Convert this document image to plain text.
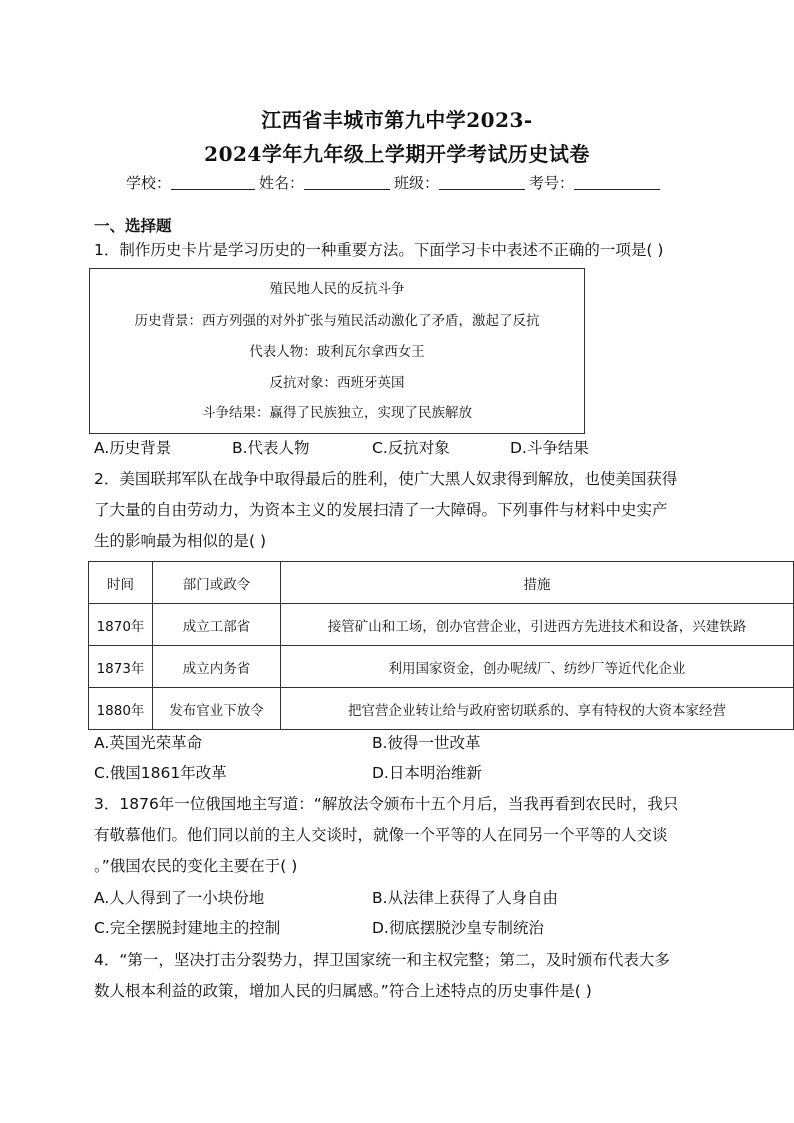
江西省丰城市第九中学2023-
2024学年九年级上学期开学考试历史试卷
学校：	姓名：	班级：	考号：
一、选择题
1．制作历史卡片是学习历史的一种重要方法。下面学习卡中表述不正确的一项是( )
殖民地人民的反抗斗争
历史背景：西方列强的对外扩张与殖民活动激化了矛盾，激起了反抗
代表人物：玻利瓦尔拿西女王
反抗对象：西班牙英国
斗争结果：赢得了民族独立，实现了民族解放
A.历史背景	B.代表人物	C.反抗对象	D.斗争结果
2．美国联邦军队在战争中取得最后的胜利，使广大黑人奴隶得到解放，也使美国获得
了大量的自由劳动力，为资本主义的发展扫清了一大障碍。下列事件与材料中史实产
生的影响最为相似的是( )
时间	部门或政令	措施
1870年	成立工部省	接管矿山和工场，创办官营企业，引进西方先进技术和设备，兴建铁路
1873年	成立内务省	利用国家资金，创办呢绒厂、纺纱厂等近代化企业
1880年	发布官业下放令	把官营企业转让给与政府密切联系的、享有特权的大资本家经营
A.英国光荣革命	B.彼得一世改革
C.俄国1861年改革	D.日本明治维新
3．1876年一位俄国地主写道：“解放法令颁布十五个月后，当我再看到农民时，我只
有敬慕他们。他们同以前的主人交谈时，就像一个平等的人在同另一个平等的人交谈
。”俄国农民的变化主要在于( )
A.人人得到了一小块份地	B.从法律上获得了人身自由
C.完全摆脱封建地主的控制	D.彻底摆脱沙皇专制统治
4．“第一，坚决打击分裂势力，捍卫国家统一和主权完整；第二，及时颁布代表大多
数人根本利益的政策，增加人民的归属感。”符合上述特点的历史事件是( )
